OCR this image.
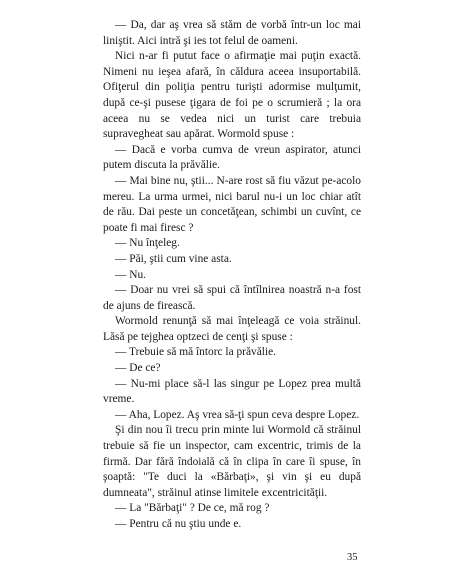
— Da, dar aş vrea să stăm de vorbă într-un loc mai liniştit. Aici intră şi ies tot felul de oameni.

Nici n-ar fi putut face o afirmaţie mai puţin exactă. Nimeni nu ieşea afară, în căldura aceea insuportabilă. Ofiţerul din poliţia pentru turişti adormise mulţumit, după ce-şi pusese ţigara de foi pe o scrumieră ; la ora aceea nu se vedea nici un turist care trebuia supravegheat sau apărat. Wormold spuse :

— Dacă e vorba cumva de vreun aspirator, atunci putem discuta la prăvălie.

— Mai bine nu, ştii... N-are rost să fiu văzut pe-acolo mereu. La urma urmei, nici barul nu-i un loc chiar atît de rău. Dai peste un concetăţean, schimbi un cuvînt, ce poate fi mai firesc ?

— Nu înţeleg.

— Păi, ştii cum vine asta.

— Nu.

— Doar nu vrei să spui că întîlnirea noastră n-a fost de ajuns de firească.

Wormold renunţă să mai înţeleagă ce voia străinul. Lăsă pe tejghea optzeci de cenţi şi spuse :

— Trebuie să mă întorc la prăvălie.

— De ce?

— Nu-mi place să-l las singur pe Lopez prea multă vreme.

— Aha, Lopez. Aş vrea să-ţi spun ceva despre Lopez.

Şi din nou îi trecu prin minte lui Wormold că străinul trebuie să fie un inspector, cam excentric, trimis de la firmă. Dar fără îndoială că în clipa în care îi spuse, în şoaptă: "Te duci la «Bărbaţi», şi vin şi eu după dumneata", străinul atinse limitele excentricităţii.

— La "Bărbaţi" ? De ce, mă rog ?

— Pentru că nu ştiu unde e.

35
